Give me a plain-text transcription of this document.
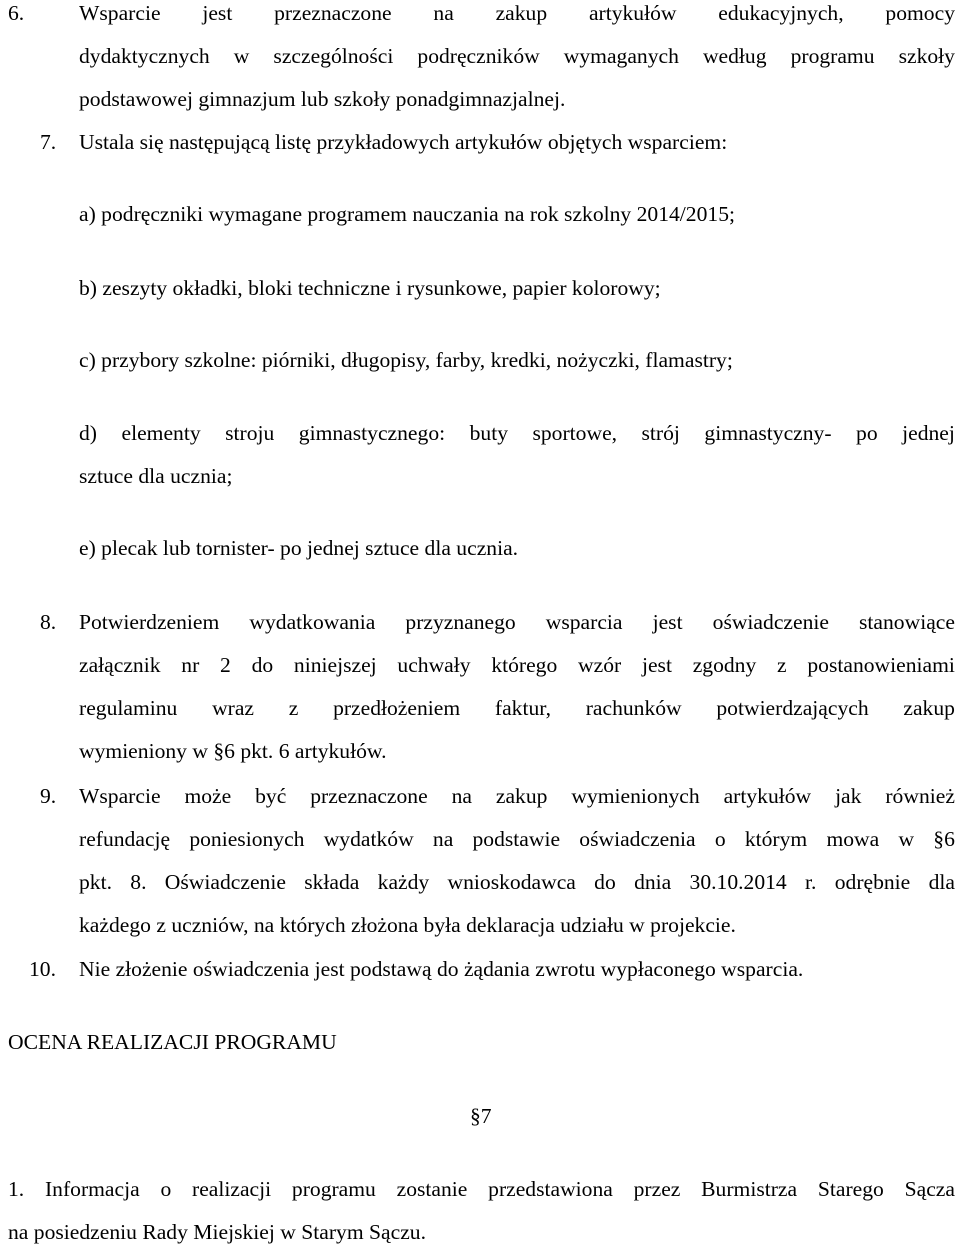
6.	Wsparcie jest przeznaczone na zakup artykułów edukacyjnych, pomocy
dydaktycznych w szczególności podręczników wymaganych według programu szkoły
podstawowej gimnazjum lub szkoły ponadgimnazjalnej.
7. Ustala się następującą listę przykładowych artykułów objętych wsparciem:
a) podręczniki wymagane programem nauczania na rok szkolny 2014/2015;
b) zeszyty okładki, bloki techniczne i rysunkowe, papier kolorowy;
c) przybory szkolne: piórniki, długopisy, farby, kredki, nożyczki, flamastry;
d) elementy stroju gimnastycznego: buty sportowe, strój gimnastyczny- po jednej
sztuce dla ucznia;
e) plecak lub tornister- po jednej sztuce dla ucznia.
8. Potwierdzeniem wydatkowania przyznanego wsparcia jest oświadczenie stanowiące
załącznik nr 2 do niniejszej uchwały którego wzór jest zgodny z postanowieniami
regulaminu wraz z przedłożeniem faktur, rachunków potwierdzających zakup
wymieniony w §6 pkt. 6 artykułów.
9. Wsparcie może być przeznaczone na zakup wymienionych artykułów jak również
refundację poniesionych wydatków na podstawie oświadczenia o którym mowa w §6
pkt. 8. Oświadczenie składa każdy wnioskodawca do dnia 30.10.2014 r. odrębnie dla
każdego z uczniów, na których złożona była deklaracja udziału w projekcie.
10. Nie złożenie oświadczenia jest podstawą do żądania zwrotu wypłaconego wsparcia.
OCENA REALIZACJI PROGRAMU
§7
1. Informacja o realizacji programu zostanie przedstawiona przez Burmistrza Starego Sącza
na posiedzeniu Rady Miejskiej w Starym Sączu.
